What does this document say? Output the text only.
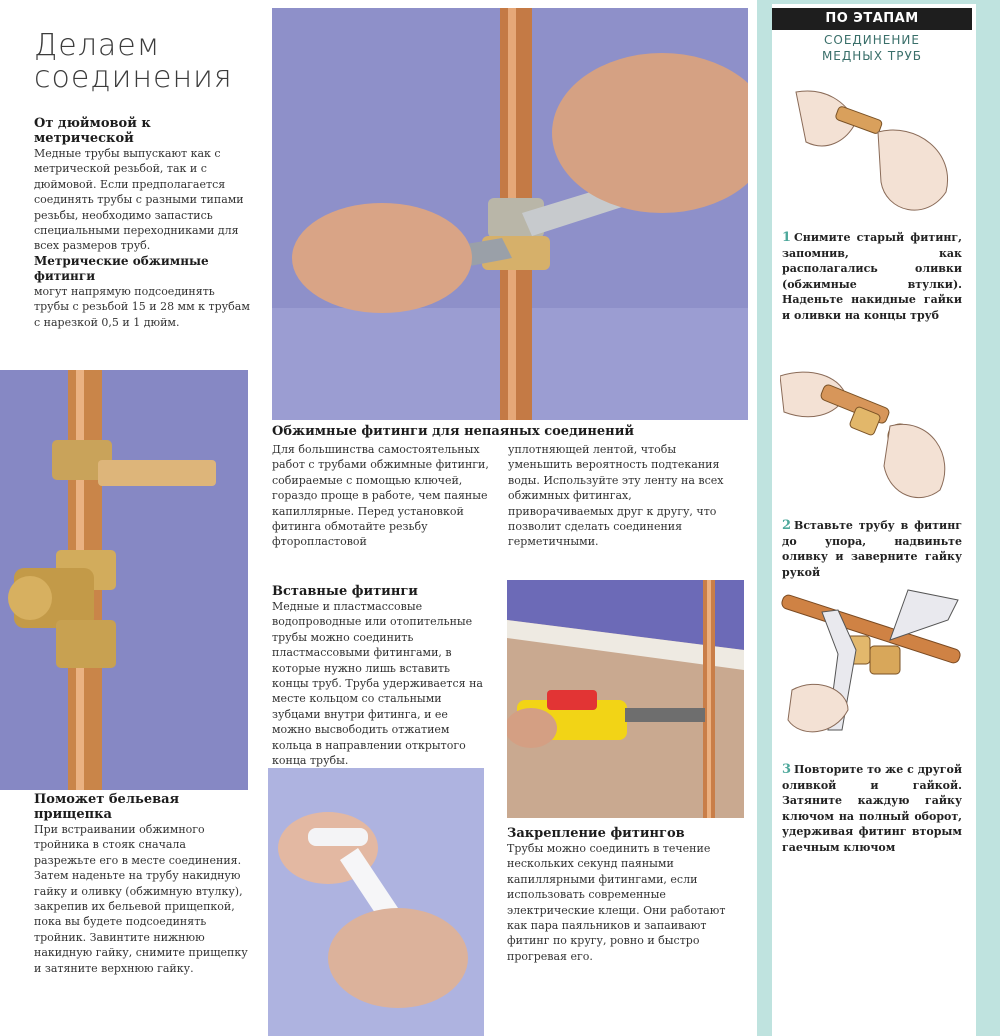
Делаем
соединения
От дюймовой к метрической

Медные трубы выпускают как с метрической резьбой, так и с дюймовой. Если предполагается соединять трубы с разными типами резьбы, необходимо запастись специальными переходниками для всех размеров труб.

Метрические обжимные фитинги

могут напрямую подсоединять трубы с резьбой 15 и 28 мм к трубам с нарезкой 0,5 и 1 дюйм.

Обжимные фитинги для непаяных соединений

Для большинства самостоятельных работ с трубами обжимные фитинги, собираемые с помощью ключей, гораздо проще в работе, чем паяные капиллярные. Перед установкой фитинга обмотайте резьбу фторопластовой

уплотняющей лентой, чтобы уменьшить вероятность подтекания воды. Используйте эту ленту на всех обжимных фитингах, приворачиваемых друг к другу, что позволит сделать соединения герметичными.

Вставные фитинги

Медные и пластмассовые водопроводные или отопительные трубы можно соединить пластмассовыми фитингами, в которые нужно лишь вставить концы труб. Труба удерживается на месте кольцом со стальными зубцами внутри фитинга, и ее можно высвободить отжатием кольца в направлении открытого конца трубы.

Поможет бельевая прищепка

При встраивании обжимного тройника в стояк сначала разрежьте его в месте соединения. Затем наденьте на трубу накидную гайку и оливку (обжимную втулку), закрепив их бельевой прищепкой, пока вы будете подсоединять тройник. Завинтите нижнюю накидную гайку, снимите прищепку и затяните верхнюю гайку.

Закрепление фитингов

Трубы можно соединить в течение нескольких секунд паяными капиллярными фитингами, если использовать современные электрические клещи. Они работают как пара паяльников и запаивают фитинг по кругу, ровно и быстро прогревая его.

ПО ЭТАПАМ
СОЕДИНЕНИЕ
МЕДНЫХ ТРУБ
1 Снимите старый фитинг, запомнив, как располагались оливки (обжимные втулки). Наденьте накидные гайки и оливки на концы труб
2 Вставьте трубу в фитинг до упора, надвиньте оливку и заверните гайку рукой
3 Повторите то же с другой оливкой и гайкой. Затяните каждую гайку ключом на полный оборот, удерживая фитинг вторым гаечным ключом
